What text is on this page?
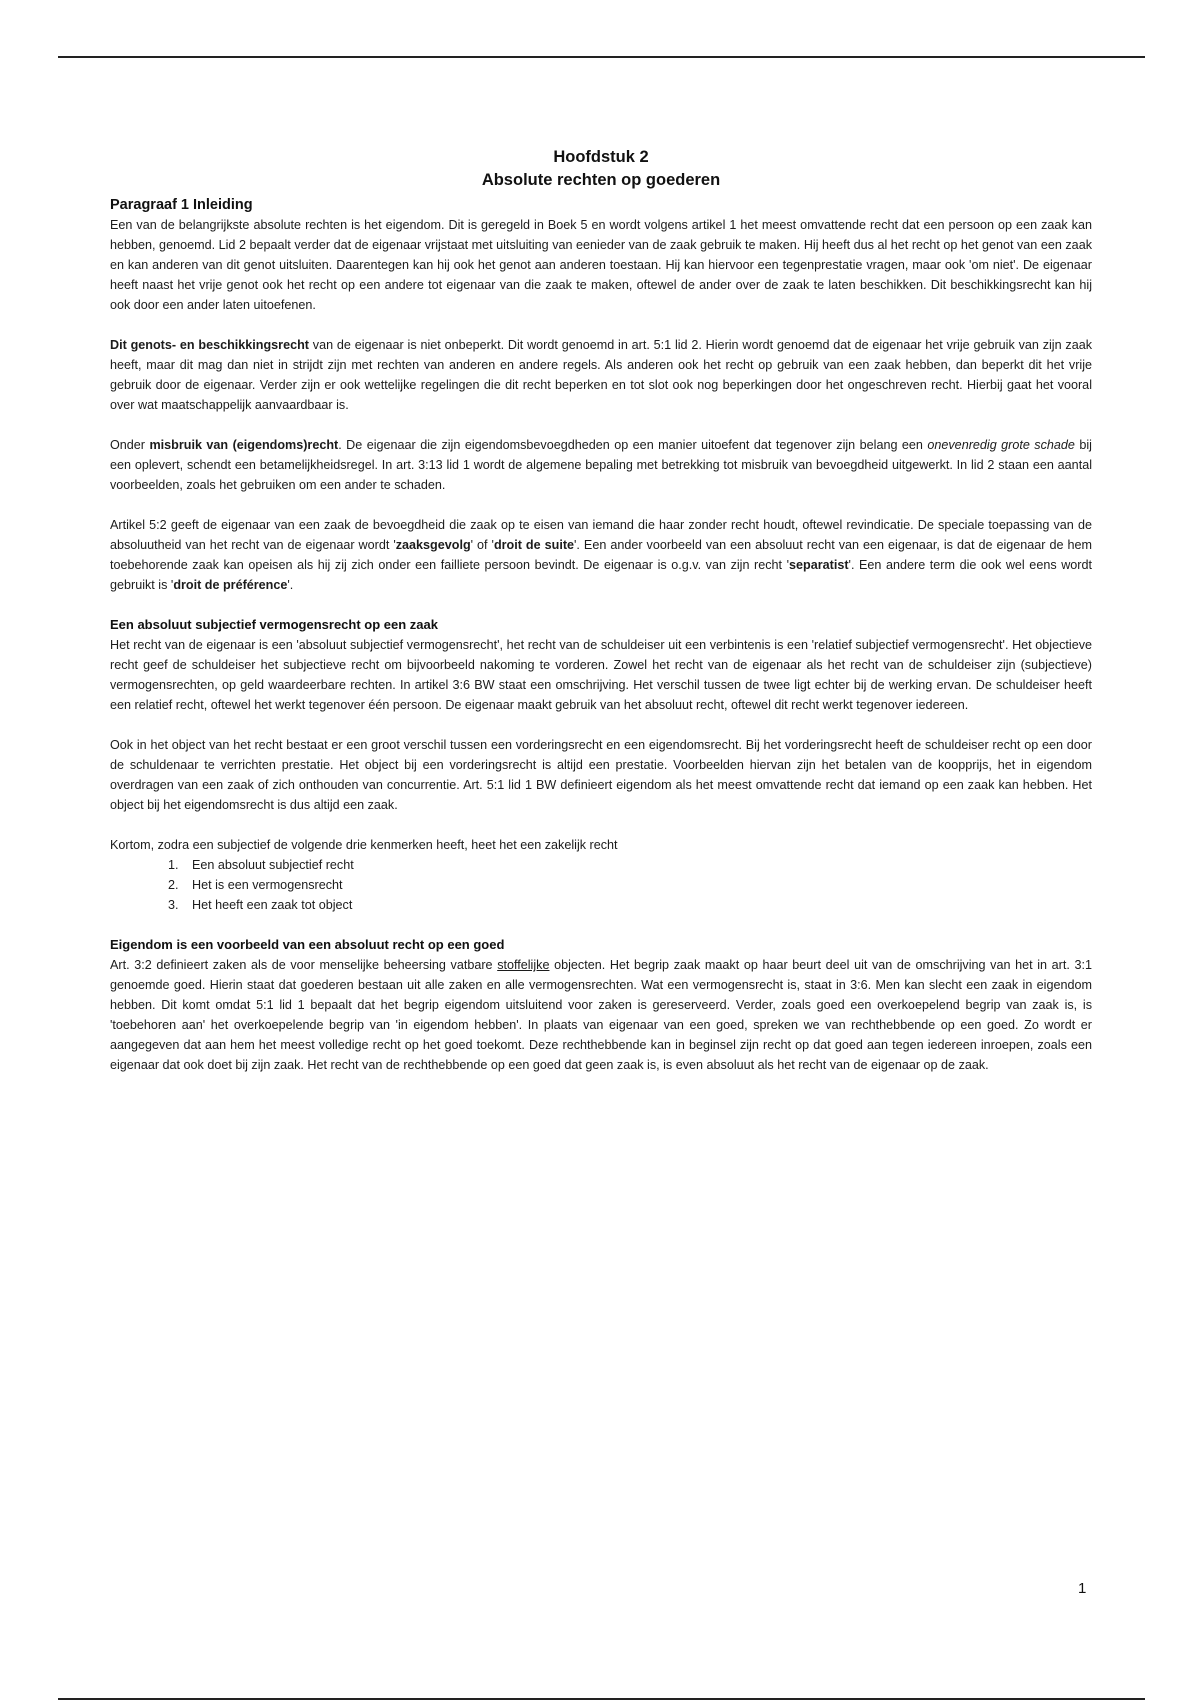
Hoofdstuk 2
Absolute rechten op goederen
Paragraaf 1 Inleiding

Een van de belangrijkste absolute rechten is het eigendom. Dit is geregeld in Boek 5 en wordt volgens artikel 1 het meest omvattende recht dat een persoon op een zaak kan hebben, genoemd. Lid 2 bepaalt verder dat de eigenaar vrijstaat met uitsluiting van eenieder van de zaak gebruik te maken. Hij heeft dus al het recht op het genot van een zaak en kan anderen van dit genot uitsluiten. Daarentegen kan hij ook het genot aan anderen toestaan. Hij kan hiervoor een tegenprestatie vragen, maar ook 'om niet'. De eigenaar heeft naast het vrije genot ook het recht op een andere tot eigenaar van die zaak te maken, oftewel de ander over de zaak te laten beschikken. Dit beschikkingsrecht kan hij ook door een ander laten uitoefenen.

Dit genots- en beschikkingsrecht van de eigenaar is niet onbeperkt. Dit wordt genoemd in art. 5:1 lid 2. Hierin wordt genoemd dat de eigenaar het vrije gebruik van zijn zaak heeft, maar dit mag dan niet in strijdt zijn met rechten van anderen en andere regels. Als anderen ook het recht op gebruik van een zaak hebben, dan beperkt dit het vrije gebruik door de eigenaar. Verder zijn er ook wettelijke regelingen die dit recht beperken en tot slot ook nog beperkingen door het ongeschreven recht. Hierbij gaat het vooral over wat maatschappelijk aanvaardbaar is.

Onder misbruik van (eigendoms)recht. De eigenaar die zijn eigendomsbevoegdheden op een manier uitoefent dat tegenover zijn belang een onevenredig grote schade bij een oplevert, schendt een betamelijkheidsregel. In art. 3:13 lid 1 wordt de algemene bepaling met betrekking tot misbruik van bevoegdheid uitgewerkt. In lid 2 staan een aantal voorbeelden, zoals het gebruiken om een ander te schaden.

Artikel 5:2 geeft de eigenaar van een zaak de bevoegdheid die zaak op te eisen van iemand die haar zonder recht houdt, oftewel revindicatie. De speciale toepassing van de absoluutheid van het recht van de eigenaar wordt 'zaaksgevolg' of 'droit de suite'. Een ander voorbeeld van een absoluut recht van een eigenaar, is dat de eigenaar de hem toebehorende zaak kan opeisen als hij zij zich onder een failliete persoon bevindt. De eigenaar is o.g.v. van zijn recht 'separatist'. Een andere term die ook wel eens wordt gebruikt is 'droit de préférence'.

Een absoluut subjectief vermogensrecht op een zaak

Het recht van de eigenaar is een 'absoluut subjectief vermogensrecht', het recht van de schuldeiser uit een verbintenis is een 'relatief subjectief vermogensrecht'. Het objectieve recht geef de schuldeiser het subjectieve recht om bijvoorbeeld nakoming te vorderen. Zowel het recht van de eigenaar als het recht van de schuldeiser zijn (subjectieve) vermogensrechten, op geld waardeerbare rechten. In artikel 3:6 BW staat een omschrijving. Het verschil tussen de twee ligt echter bij de werking ervan. De schuldeiser heeft een relatief recht, oftewel het werkt tegenover één persoon. De eigenaar maakt gebruik van het absoluut recht, oftewel dit recht werkt tegenover iedereen.

Ook in het object van het recht bestaat er een groot verschil tussen een vorderingsrecht en een eigendomsrecht. Bij het vorderingsrecht heeft de schuldeiser recht op een door de schuldenaar te verrichten prestatie. Het object bij een vorderingsrecht is altijd een prestatie. Voorbeelden hiervan zijn het betalen van de koopprijs, het in eigendom overdragen van een zaak of zich onthouden van concurrentie. Art. 5:1 lid 1 BW definieert eigendom als het meest omvattende recht dat iemand op een zaak kan hebben. Het object bij het eigendomsrecht is dus altijd een zaak.

Kortom, zodra een subjectief de volgende drie kenmerken heeft, heet het een zakelijk recht

1. Een absoluut subjectief recht
2. Het is een vermogensrecht
3. Het heeft een zaak tot object
Eigendom is een voorbeeld van een absoluut recht op een goed

Art. 3:2 definieert zaken als de voor menselijke beheersing vatbare stoffelijke objecten. Het begrip zaak maakt op haar beurt deel uit van de omschrijving van het in art. 3:1 genoemde goed. Hierin staat dat goederen bestaan uit alle zaken en alle vermogensrechten. Wat een vermogensrecht is, staat in 3:6. Men kan slecht een zaak in eigendom hebben. Dit komt omdat 5:1 lid 1 bepaalt dat het begrip eigendom uitsluitend voor zaken is gereserveerd. Verder, zoals goed een overkoepelend begrip van zaak is, is 'toebehoren aan' het overkoepelende begrip van 'in eigendom hebben'. In plaats van eigenaar van een goed, spreken we van rechthebbende op een goed. Zo wordt er aangegeven dat aan hem het meest volledige recht op het goed toekomt. Deze rechthebbende kan in beginsel zijn recht op dat goed aan tegen iedereen inroepen, zoals een eigenaar dat ook doet bij zijn zaak. Het recht van de rechthebbende op een goed dat geen zaak is, is even absoluut als het recht van de eigenaar op de zaak.

1
